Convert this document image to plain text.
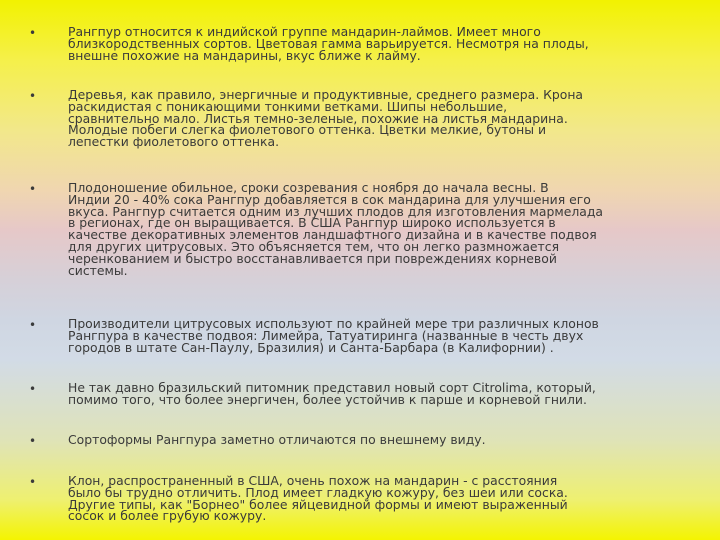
•	Рангпур относится к индийской группе мандарин-лаймов. Имеет много
близкородственных сортов. Цветовая гамма варьируется. Несмотря на плоды,
внешне похожие на мандарины, вкус ближе к лайму.
•	Деревья, как правило, энергичные и продуктивные, среднего размера. Крона
раскидистая с поникающими тонкими ветками. Шипы небольшие,
сравнительно мало. Листья темно-зеленые, похожие на листья мандарина.
Молодые побеги слегка фиолетового оттенка. Цветки мелкие, бутоны и
лепестки фиолетового оттенка.
•	Плодоношение обильное, сроки созревания с ноября до начала весны. В
Индии 20 - 40% сока Рангпур добавляется в сок мандарина для улучшения его
вкуса. Рангпур считается одним из лучших плодов для изготовления мармелада
в регионах, где он выращивается. В США Рангпур широко используется в
качестве декоративных элементов ландшафтного дизайна и в качестве подвоя
для других цитрусовых. Это объясняется тем, что он легко размножается
черенкованием и быстро восстанавливается при повреждениях корневой
системы.
•	Производители цитрусовых используют по крайней мере три различных клонов
Рангпура в качестве подвоя: Лимейра, Татуатиринга (названные в честь двух
городов в штате Сан-Паулу, Бразилия) и Санта-Барбара (в Калифорнии) .
•	Не так давно бразильский питомник представил новый сорт Citrolima, который,
помимо того, что более энергичен, более устойчив к парше и корневой гнили.
•	Сортоформы Рангпура заметно отличаются по внешнему виду.
•	Клон, распространенный в США, очень похож на мандарин - с расстояния
было бы трудно отличить. Плод имеет гладкую кожуру, без шеи или соска.
Другие типы, как "Борнео" более яйцевидной формы и имеют выраженный
сосок и более грубую кожуру.
